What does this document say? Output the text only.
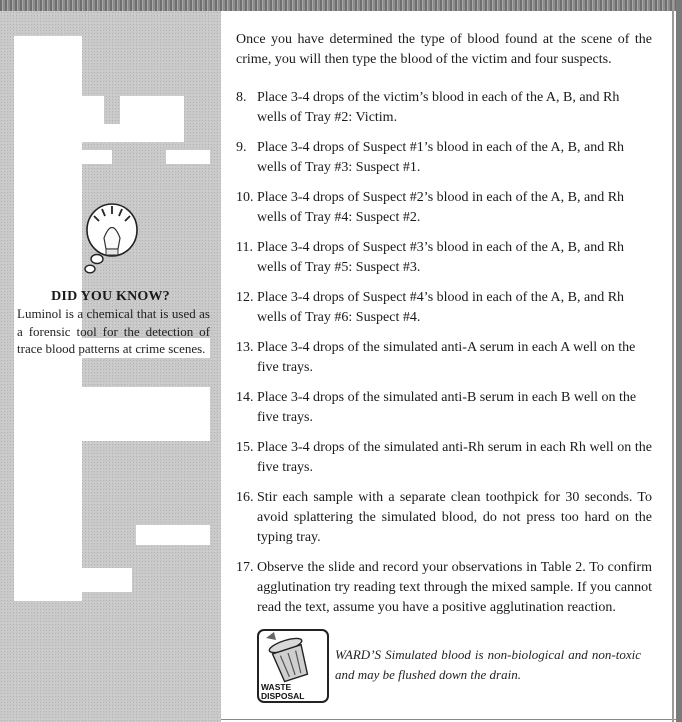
DID YOU KNOW?
Luminol is a chemical that is used as a forensic tool for the detection of trace blood patterns at crime scenes.

Once you have determined the type of blood found at the scene of the crime, you will then type the blood of the victim and four suspects.

8. Place 3-4 drops of the victim’s blood in each of the A, B, and Rh wells of Tray #2: Victim.
9. Place 3-4 drops of Suspect #1’s blood in each of the A, B, and Rh wells of Tray #3: Suspect #1.
10. Place 3-4 drops of Suspect #2’s blood in each of the A, B, and Rh wells of Tray #4: Suspect #2.
11. Place 3-4 drops of Suspect #3’s blood in each of the A, B, and Rh wells of Tray #5: Suspect #3.
12. Place 3-4 drops of Suspect #4’s blood in each of the A, B, and Rh wells of Tray #6: Suspect #4.
13. Place 3-4 drops of the simulated anti-A serum in each A well on the five trays.
14. Place 3-4 drops of the simulated anti-B serum in each B well on the five trays.
15. Place 3-4 drops of the simulated anti-Rh serum in each Rh well on the five trays.
16. Stir each sample with a separate clean toothpick for 30 seconds. To avoid splattering the simulated blood, do not press too hard on the typing tray.
17. Observe the slide and record your observations in Table 2. To confirm agglutination try reading text through the mixed sample. If you cannot read the text, assume you have a positive agglutination reaction.
WASTE
DISPOSAL
WARD’S Simulated blood is non-biological and non-toxic and may be flushed down the drain.
